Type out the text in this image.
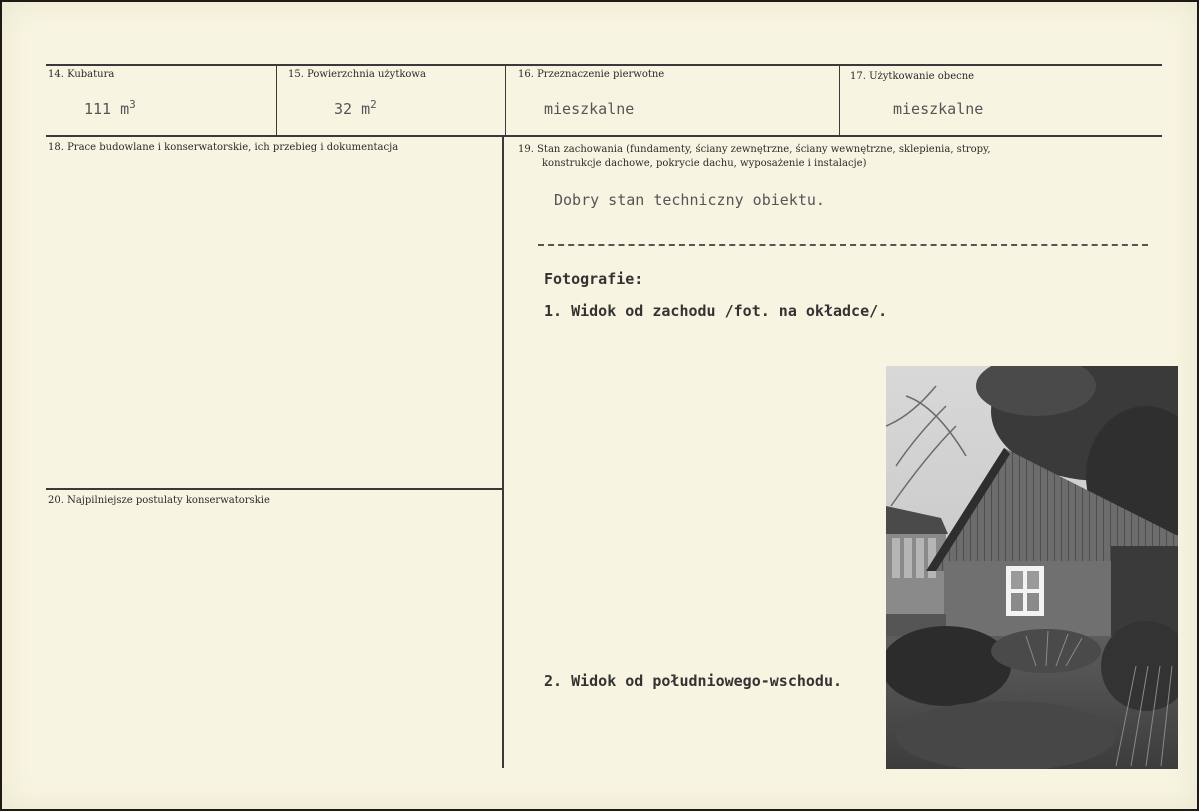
14. Kubatura
111 $m^3$
15. Powierzchnia użytkowa
32 $m^2$
16. Przeznaczenie pierwotne
mieszkalne
17. Użytkowanie obecne
mieszkalne
18. Prace budowlane i konserwatorskie, ich przebieg i dokumentacja	19. Stan zachowania (fundamenty, ściany zewnętrzne, ściany wewnętrzne, sklepienia, stropy,
konstrukcje dachowe, pokrycie dachu, wyposażenie i instalacje)
Dobry stan techniczny obiektu.
Fotografie:
1. Widok od zachodu /fot. na okładce/.
2. Widok od południowego-wschodu.
20. Najpilniejsze postulaty konserwatorskie
